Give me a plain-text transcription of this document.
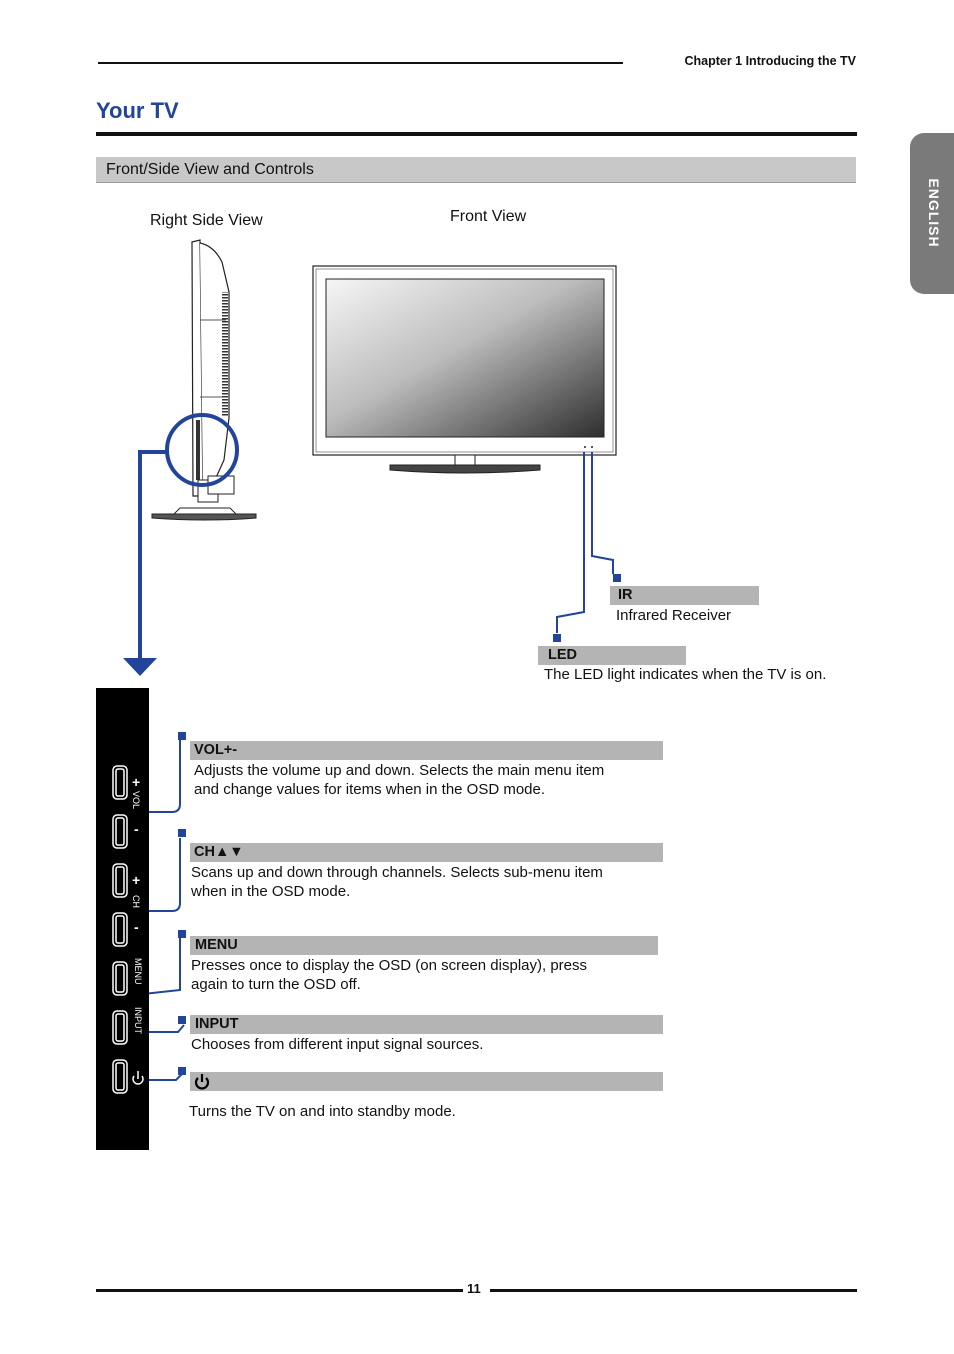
Chapter 1 Introducing the TV
Your TV
Front/Side View and Controls
ENGLISH
Right Side View	Front View
+
VOL
-
+
CH
-
MENU
INPUT
IR
Infrared Receiver
LED
The LED light indicates when the TV is on.
VOL+-
Adjusts the volume up and down. Selects the main menu item
and change values for items when in the OSD mode.
CH▲▼
Scans up and down through channels. Selects sub-menu item
when in the OSD mode.
MENU
Presses once to display the OSD (on screen display), press
again to turn the OSD off.
INPUT
Chooses from different input signal sources.
Turns the TV on and into standby mode.
11
